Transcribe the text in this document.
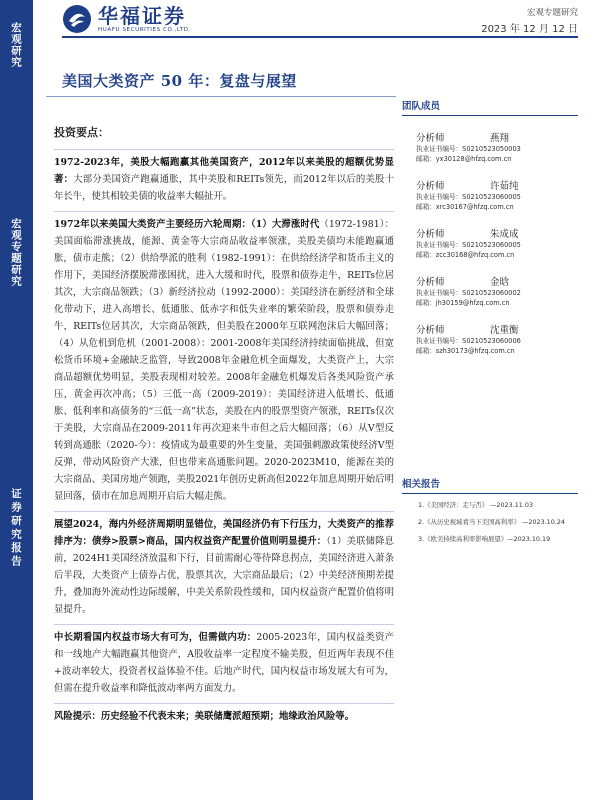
宏观研究
宏观专题研究
证券研究报告
华福证券
HUAFU SECURITIES CO.,LTD.
宏观专题研究
2023 年 12 月 12 日
美国大类资产 50 年：复盘与展望
投资要点：

1972-2023年，美股大幅跑赢其他美国资产，2012年以来美股的超额优势显著：大部分美国资产跑赢通胀，其中美股和REITs领先，而2012年以后的美股十年长牛，使其相较美债的收益率大幅扯开。

1972年以来美国大类资产主要经历六轮周期：（1）大滞涨时代（1972-1981）：美国面临滞涨挑战，能源、黄金等大宗商品收益率领涨，美股美债均未能跑赢通胀，债市走熊；（2）供给學派的胜利（1982-1991）：在供给经济学和货币主义的作用下，美国经济摆脱滞涨困扰，进入大缓和时代，股票和债券走牛，REITs位居其次，大宗商品领跌；（3）新经济拉动（1992-2000）：美国经济在新经济和全球化带动下，进入高增长、低通胀、低赤字和低失业率的繁荣阶段，股票和债券走牛，REITs位居其次，大宗商品领跌，但美股在2000年互联网泡沫后大幅回落；（4）从危机到危机（2001-2008）：2001-2008年美国经济持续面临挑战，但宽松货币环境+金融缺乏监管，导致2008年金融危机全面爆发，大类资产上，大宗商品超额优势明显，美股表现相对较差。2008年金融危机爆发后各类风险资产承压，黄金再次冲高；（5）三低一高（2009-2019）：美国经济进入低增长、低通胀、低利率和高债务的“三低一高”状态，美股在内的股票型资产领涨，REITs仅次于美股，大宗商品在2009-2011年再次迎来牛市但之后大幅回落；（6）从V型反转到高通胀（2020-今）：疫情成为最重要的外生变量，美国强刺激政策使经济V型反弹，带动风险资产大涨，但也带来高通胀问题。2020-2023M10，能源在美的大宗商品、美国房地产领跑，美股2021年创历史新高但2022年加息周期开始后明显回落，债市在加息周期开启后大幅走熊。

展望2024，海内外经济周期明显错位，美国经济仍有下行压力，大类资产的推荐排序为：债券>股票>商品，国内权益资产配置价值则明显提升：（1）美联储降息前，2024H1美国经济放温和下行，目前需耐心等待降息拐点，美国经济进入萧条后半段，大类资产上债券占优，股票其次，大宗商品最后；（2）中美经济预期差提升，叠加海外流动性边际缓解，中美关系阶段性缓和，国内权益资产配置价值将明显提升。

中长期看国内权益市场大有可为，但需做内功：2005-2023年，国内权益类资产和一线地产大幅跑赢其他资产，A股收益率一定程度不输美股，但近两年表现不佳+波动率较大，投资者权益体验不佳。后地产时代，国内权益市场发展大有可为，但需在提升收益率和降低波动率两方面发力。

风险提示：历史经验不代表未来；美联储鹰派超预期；地缘政治风险等。

团队成员
分析师	燕翔
执业证书编号：S0210523050003
邮箱：yx30128@hfzq.com.cn
分析师	许茹纯
执业证书编号：S0210523060005
邮箱：xrc30167@hfzq.com.cn
分析师	朱成成
执业证书编号：S0210523060005
邮箱：zcc30168@hfzq.com.cn
分析师	金晗
执业证书编号：S0210523060002
邮箱：jh30159@hfzq.com.cn
分析师	沈重衡
执业证书编号：S0210523060006
邮箱：szh30173@hfzq.com.cn
相关报告
1.《美国经济：走与否》 —2023.11.03
2.《从历史视域看当下美国高利率》 —2023.10.24
3.《欧美持续高利率影响展望》—2023.10.19
